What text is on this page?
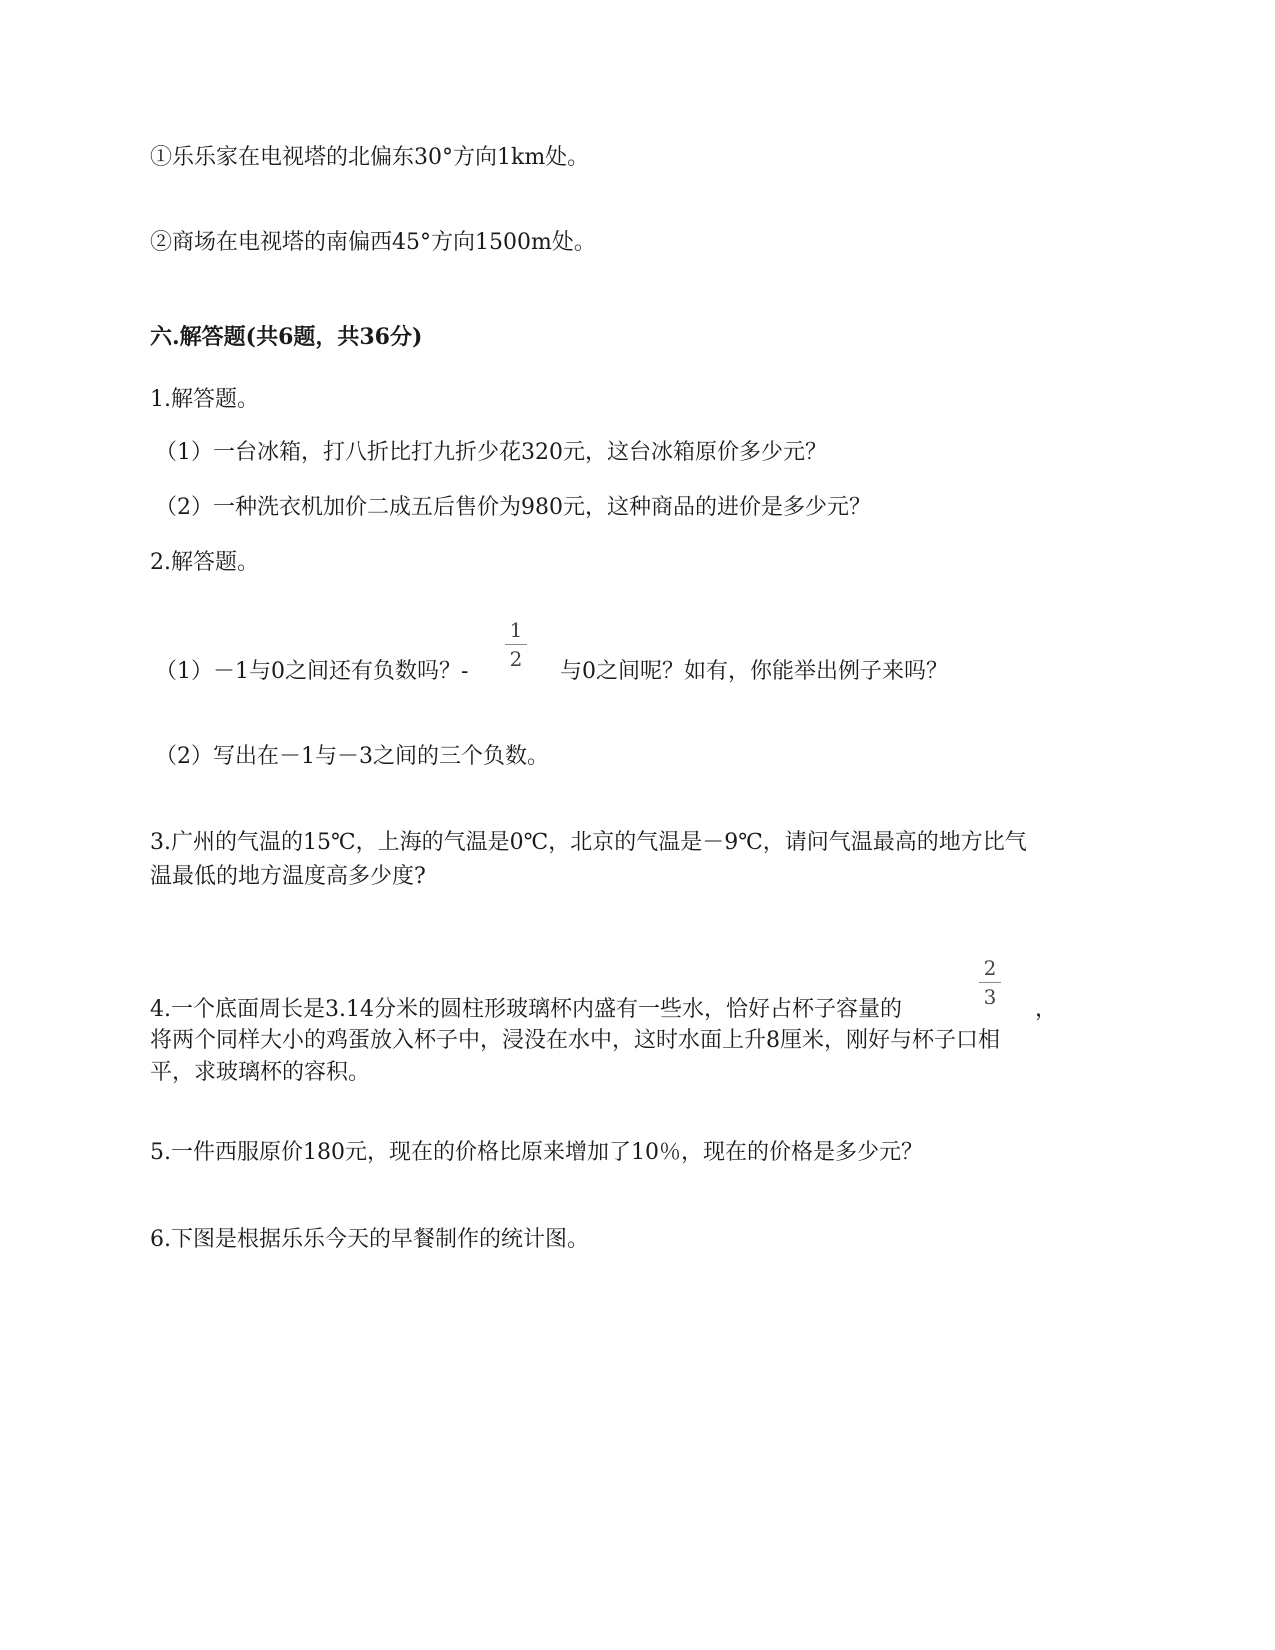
①乐乐家在电视塔的北偏东30°方向1km处。
②商场在电视塔的南偏西45°方向1500m处。
六.解答题(共6题，共36分)
1.解答题。
（1）一台冰箱，打八折比打九折少花320元，这台冰箱原价多少元？
（2）一种洗衣机加价二成五后售价为980元，这种商品的进价是多少元？
2.解答题。
（1）－1与0之间还有负数吗？-
1
2	与0之间呢？如有，你能举出例子来吗？
（2）写出在－1与－3之间的三个负数。
3.广州的气温的15℃，上海的气温是0℃，北京的气温是－9℃，请问气温最高的地方比气
温最低的地方温度高多少度?
4.一个底面周长是3.14分米的圆柱形玻璃杯内盛有一些水，恰好占杯子容量的
2
3	，
将两个同样大小的鸡蛋放入杯子中，浸没在水中，这时水面上升8厘米，刚好与杯子口相
平，求玻璃杯的容积。
5.一件西服原价180元，现在的价格比原来增加了10％，现在的价格是多少元？
6.下图是根据乐乐今天的早餐制作的统计图。
